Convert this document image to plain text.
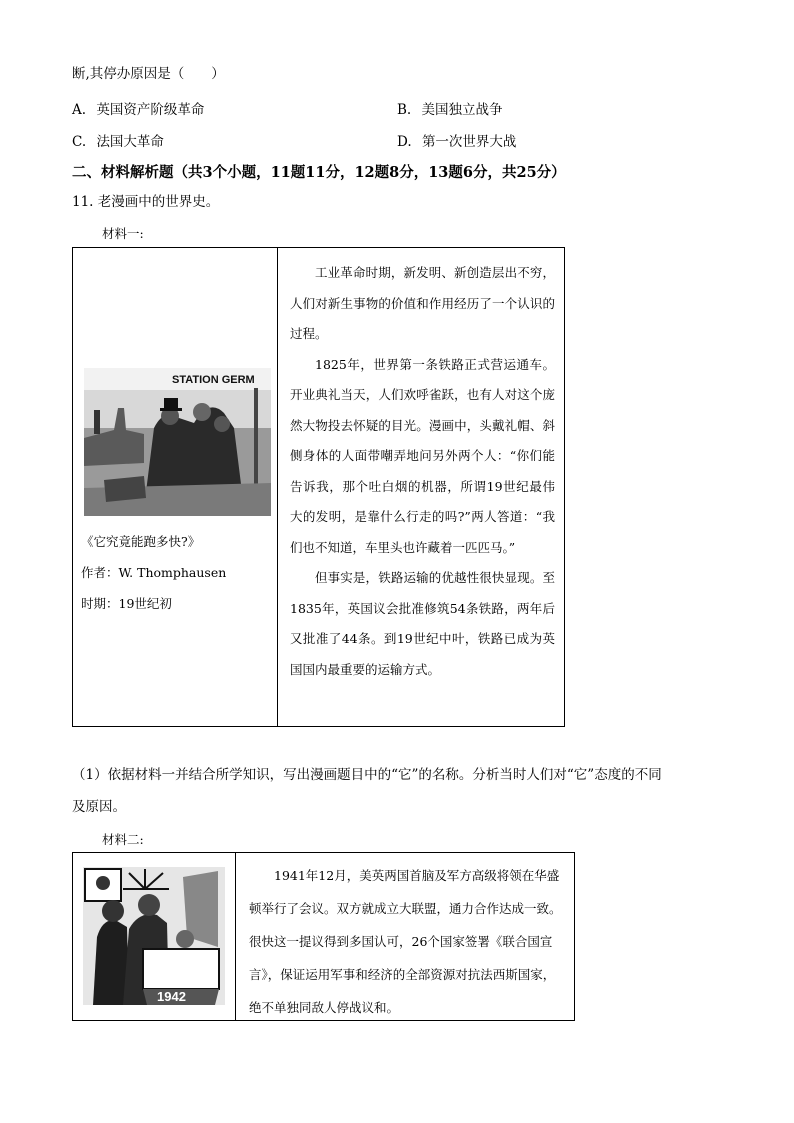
断,其停办原因是（　　）
A. 英国资产阶级革命	B. 美国独立战争
C. 法国大革命	D. 第一次世界大战
二、材料解析题（共3个小题，11题11分，12题8分，13题6分，共25分）
11. 老漫画中的世界史。
材料一:
STATION GERM
《它究竟能跑多快?》
作者：W. Thomphausen
时期：19世纪初
工业革命时期，新发明、新创造层出不穷，人们对新生事物的价值和作用经历了一个认识的过程。
1825年，世界第一条铁路正式营运通车。开业典礼当天，人们欢呼雀跃，也有人对这个庞然大物投去怀疑的目光。漫画中，头戴礼帽、斜侧身体的人面带嘲弄地问另外两个人：“你们能告诉我，那个吐白烟的机器，所谓19世纪最伟大的发明，是靠什么行走的吗?”两人答道：“我们也不知道，车里头也许藏着一匹匹马。”
但事实是，铁路运输的优越性很快显现。至1835年，英国议会批准修筑54条铁路，两年后又批准了44条。到19世纪中叶，铁路已成为英国国内最重要的运输方式。
（1）依据材料一并结合所学知识，写出漫画题目中的“它”的名称。分析当时人们对“它”态度的不同
及原因。
材料二:
1942
1941年12月，美英两国首脑及军方高级将领在华盛顿举行了会议。双方就成立大联盟，通力合作达成一致。很快这一提议得到多国认可，26个国家签署《联合国宣言》，保证运用军事和经济的全部资源对抗法西斯国家，绝不单独同敌人停战议和。
